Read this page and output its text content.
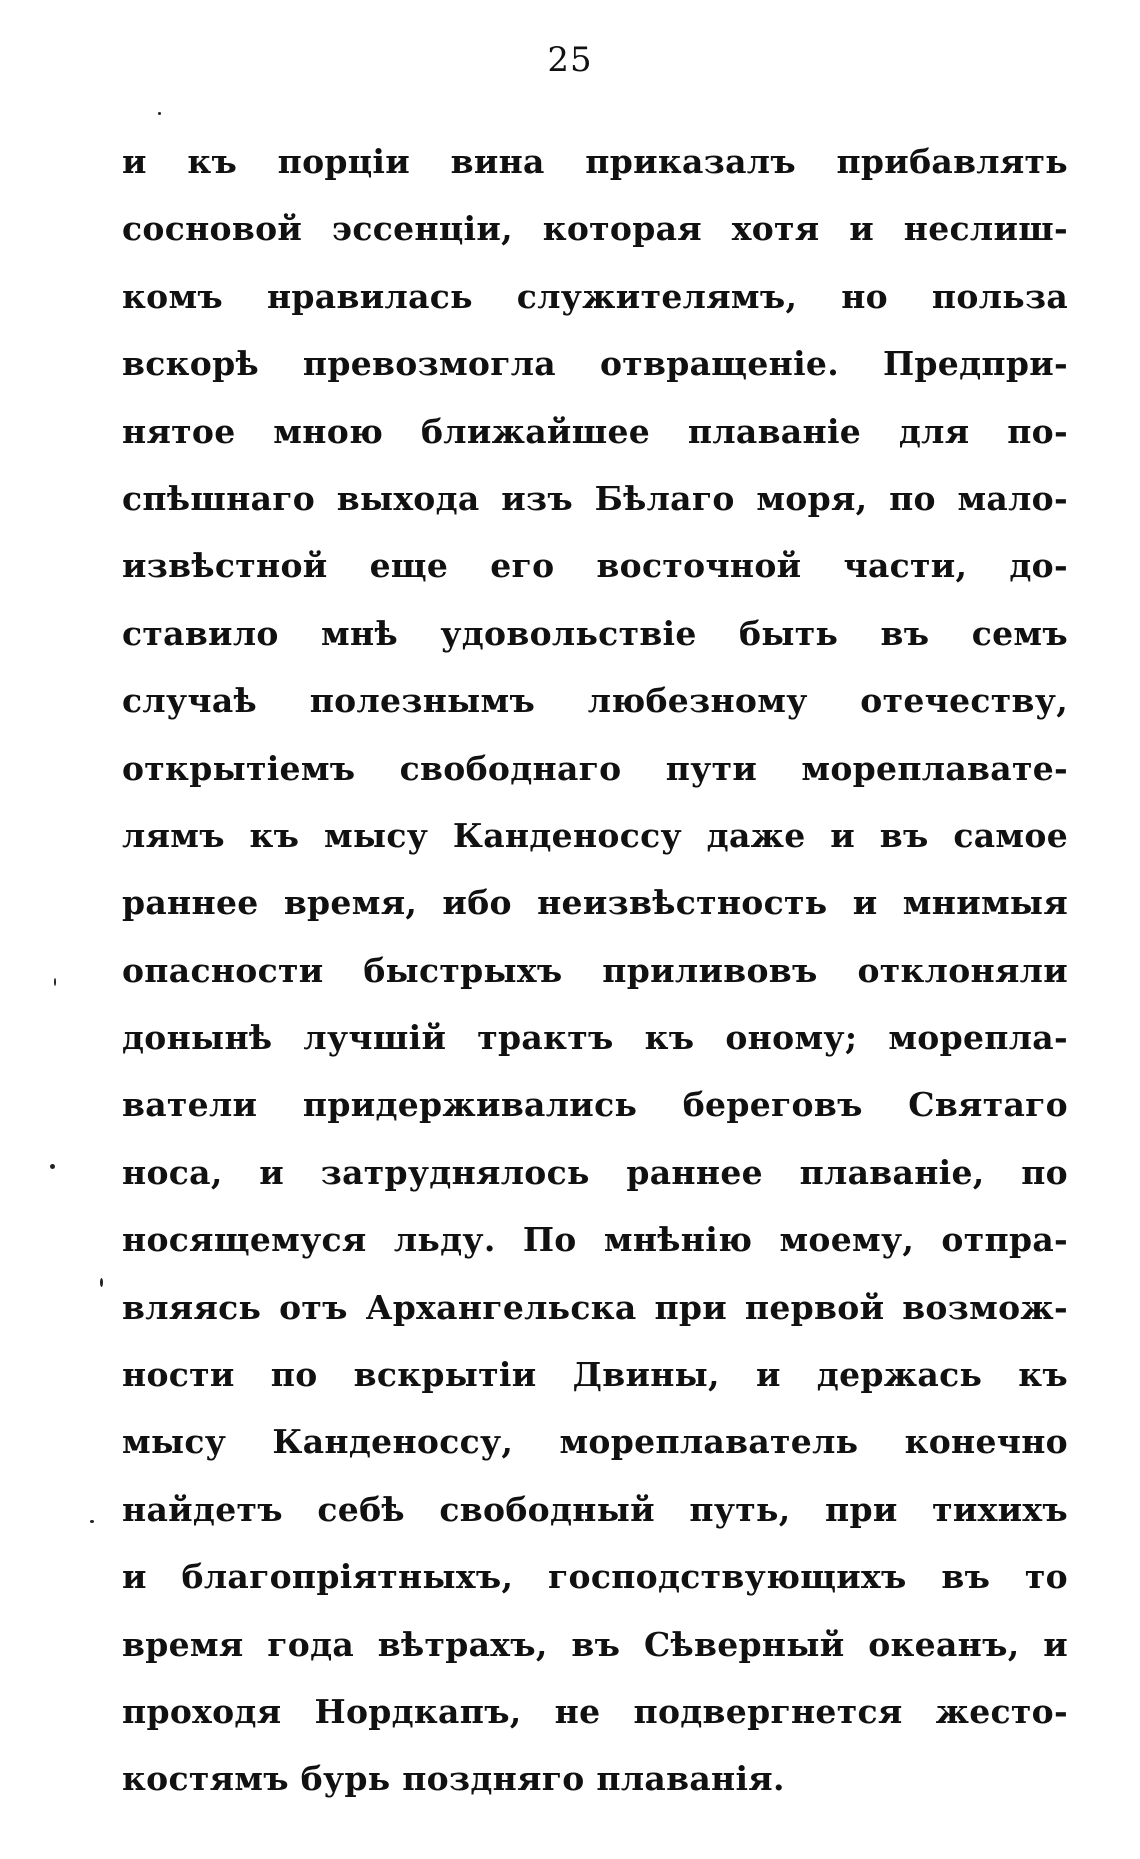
25
и къ порціи вина приказалъ прибавлять
сосновой эссенціи, которая хотя и неслиш-
комъ нравилась служителямъ, но польза
вскорѣ превозмогла отвращеніе. Предпри-
нятое мною ближайшее плаваніе для по-
спѣшнаго выхода изъ Бѣлаго моря, по мало-
извѣстной еще его восточной части, до-
ставило мнѣ удовольствіе быть въ семъ
случаѣ полезнымъ любезному отечеству,
открытіемъ свободнаго пути мореплавате-
лямъ къ мысу Канденоссу даже и въ самое
раннее время, ибо неизвѣстность и мнимыя
опасности быстрыхъ приливовъ отклоняли
донынѣ лучшій трактъ къ оному; морепла-
ватели придерживались береговъ Святаго
носа, и затруднялось раннее плаваніе, по
носящемуся льду. По мнѣнію моему, отпра-
вляясь отъ Архангельска при первой возмож-
ности по вскрытіи Двины, и держась къ
мысу Канденоссу, мореплаватель конечно
найдетъ себѣ свободный путь, при тихихъ
и благопріятныхъ, господствующихъ въ то
время года вѣтрахъ, въ Сѣверный океанъ, и
проходя Нордкапъ, не подвергнется жесто-
костямъ бурь позднягo плаванія.
